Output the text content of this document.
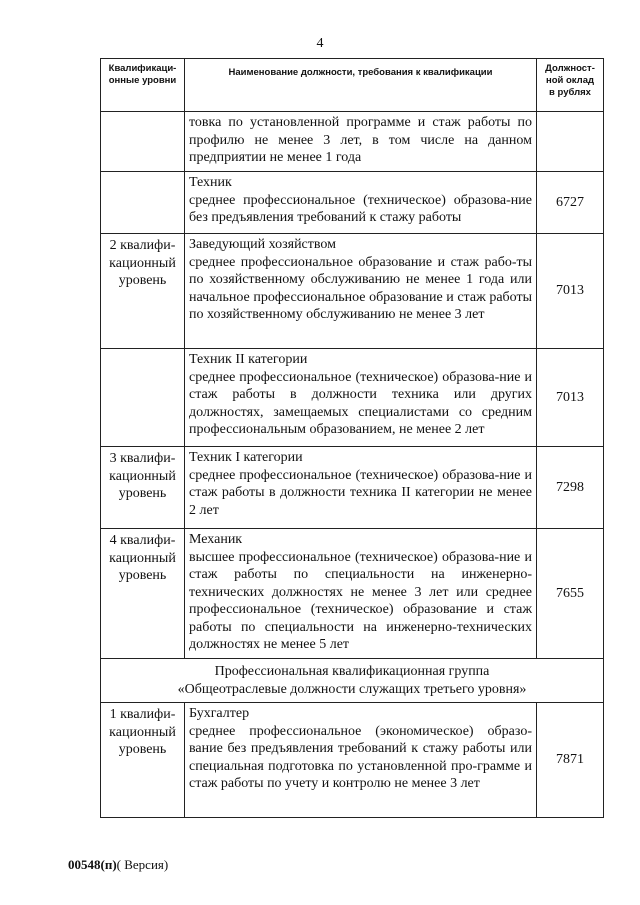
4
Квалификаци-
онные уровни	Наименование должности, требования к квалификации	Должност-
ной оклад
в рублях

	товка по установленной программе и стаж работы по профилю не менее 3 лет, в том числе на данном предприятии не менее 1 года	

	Техник
среднее профессиональное (техническое) образова-ние без предъявления требований к стажу работы	6727
2 квалифи-кационный уровень	Заведующий хозяйством
среднее профессиональное образование и стаж рабо-ты по хозяйственному обслуживанию не менее 1 года или начальное профессиональное образование и стаж работы по хозяйственному обслуживанию не менее 3 лет	7013

	Техник II категории
среднее профессиональное (техническое) образова-ние и стаж работы в должности техника или других должностях, замещаемых специалистами со средним профессиональным образованием, не менее 2 лет	7013
3 квалифи-кационный уровень	Техник I категории
среднее профессиональное (техническое) образова-ние и стаж работы в должности техника II категории не менее 2 лет	7298
4 квалифи-кационный уровень	Механик
высшее профессиональное (техническое) образова-ние и стаж работы по специальности на инженерно-технических должностях не менее 3 лет или среднее профессиональное (техническое) образование и стаж работы по специальности на инженерно-технических должностях не менее 5 лет	7655

Профессиональная квалификационная группа
«Общеотраслевые должности служащих третьего уровня»		

1 квалифи-кационный уровень	Бухгалтер
среднее профессиональное (экономическое) образо-вание без предъявления требований к стажу работы или специальная подготовка по установленной про-грамме и стаж работы по учету и контролю не менее 3 лет	7871
00548(п)( Версия)
